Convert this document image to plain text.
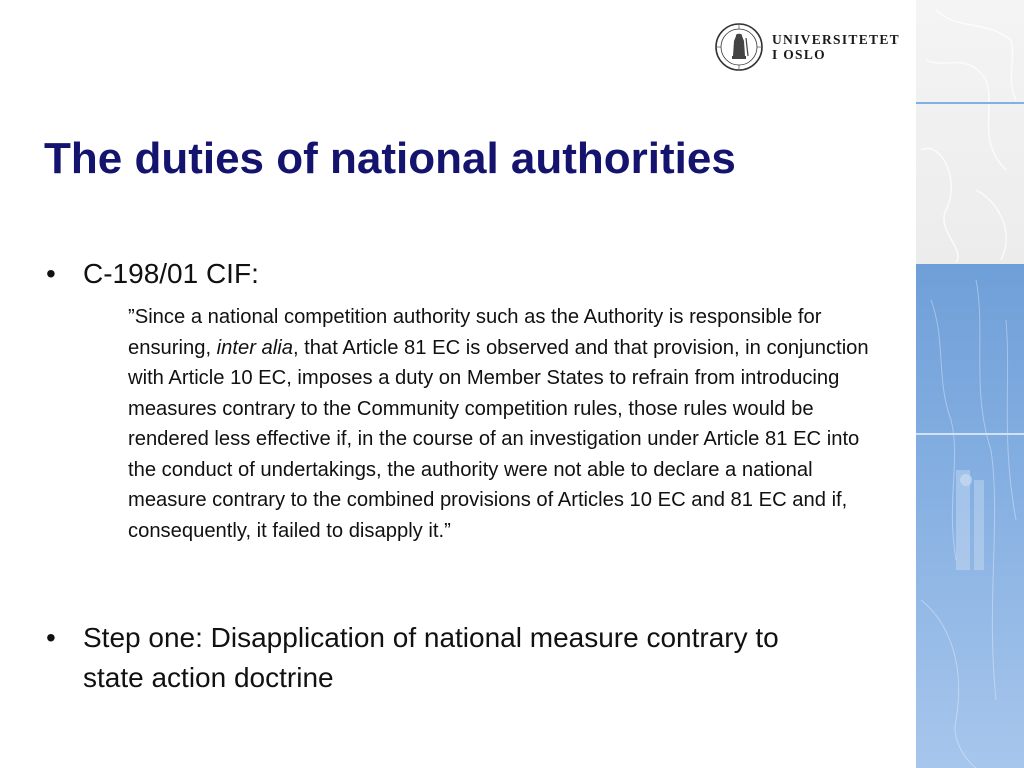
UNIVERSITETET
I OSLO
The duties of national authorities
• C-198/01 CIF:

”Since a national competition authority such as the Authority is responsible for ensuring, inter alia, that Article 81 EC is observed and that provision, in conjunction with Article 10 EC, imposes a duty on Member States to refrain from introducing measures contrary to the Community competition rules, those rules would be rendered less effective if, in the course of an investigation under Article 81 EC into the conduct of undertakings, the authority were not able to declare a national measure contrary to the combined provisions of Articles 10 EC and 81 EC and if, consequently, it failed to disapply it.”

• Step one: Disapplication of national measure contrary to state action doctrine
